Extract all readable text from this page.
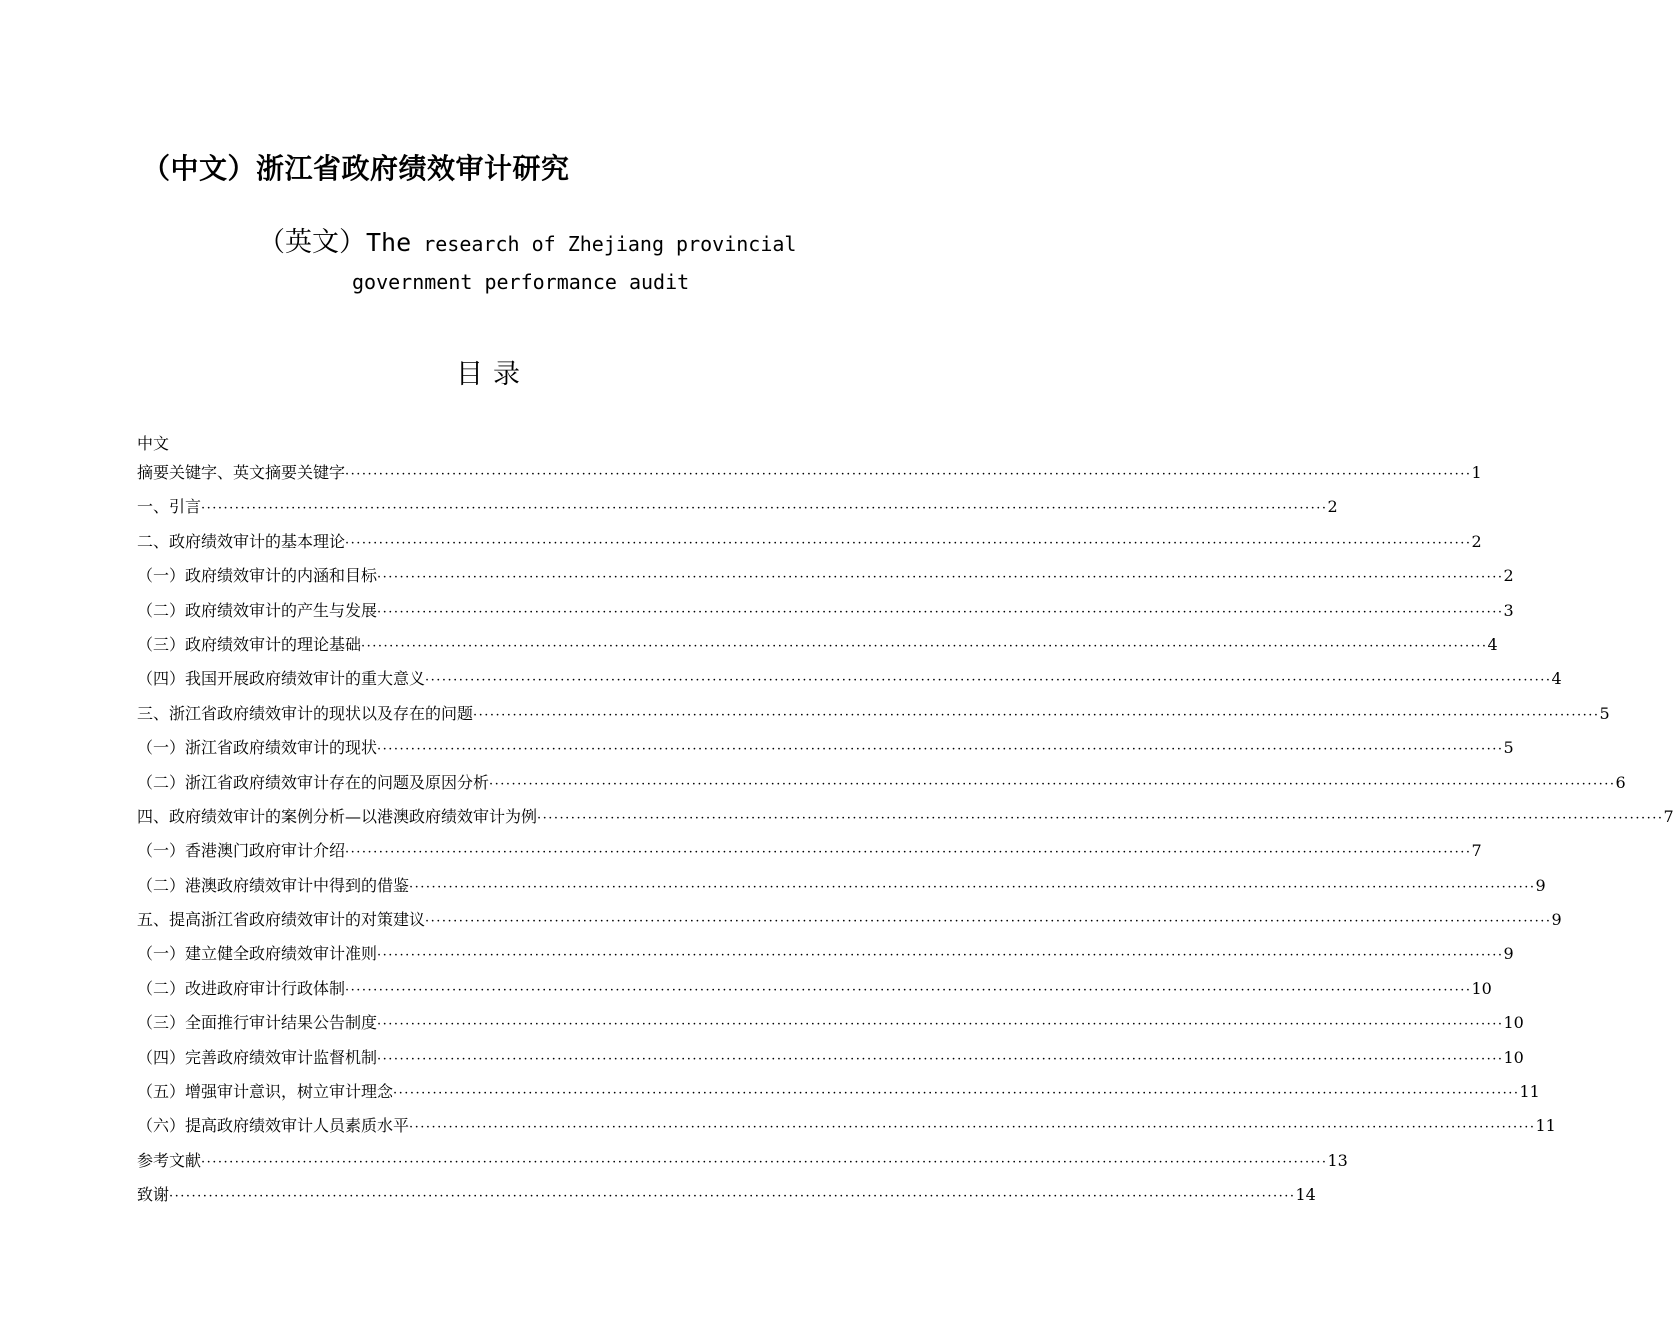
（中文）浙江省政府绩效审计研究
（英文）The research of Zhejiang provincial
government performance audit
目录
中文
摘要关键字、英文摘要关键字 ········································································································································································································ 1
一、引言 ········································································································································································································ 2
二、政府绩效审计的基本理论 ········································································································································································································ 2
（一）政府绩效审计的内涵和目标 ········································································································································································································ 2
（二）政府绩效审计的产生与发展 ········································································································································································································ 3
（三）政府绩效审计的理论基础 ········································································································································································································ 4
（四）我国开展政府绩效审计的重大意义 ········································································································································································································ 4
三、浙江省政府绩效审计的现状以及存在的问题 ········································································································································································································ 5
（一）浙江省政府绩效审计的现状 ········································································································································································································ 5
（二）浙江省政府绩效审计存在的问题及原因分析 ········································································································································································································ 6
四、政府绩效审计的案例分析—以港澳政府绩效审计为例 ········································································································································································································ 7
（一）香港澳门政府审计介绍 ········································································································································································································ 7
（二）港澳政府绩效审计中得到的借鉴 ········································································································································································································ 9
五、提高浙江省政府绩效审计的对策建议 ········································································································································································································ 9
（一）建立健全政府绩效审计准则 ········································································································································································································ 9
（二）改进政府审计行政体制 ········································································································································································································ 10
（三）全面推行审计结果公告制度 ········································································································································································································ 10
（四）完善政府绩效审计监督机制 ········································································································································································································ 10
（五）增强审计意识，树立审计理念 ········································································································································································································ 11
（六）提高政府绩效审计人员素质水平 ········································································································································································································ 11
参考文献 ········································································································································································································ 13
致谢 ········································································································································································································ 14
